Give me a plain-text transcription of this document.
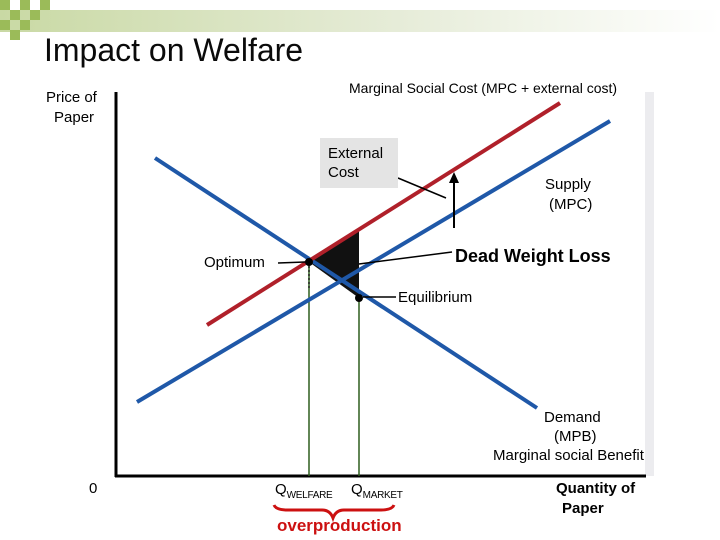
Impact on Welfare
Price of
Paper
Marginal Social Cost (MPC + external cost)
External
Cost
Supply
(MPC)
Dead Weight Loss
Optimum
Equilibrium
Demand
(MPB)
Marginal social Benefit
0	$Q_{WELFARE}$ $Q_{MARKET}$	Quantity of
Paper
overproduction
